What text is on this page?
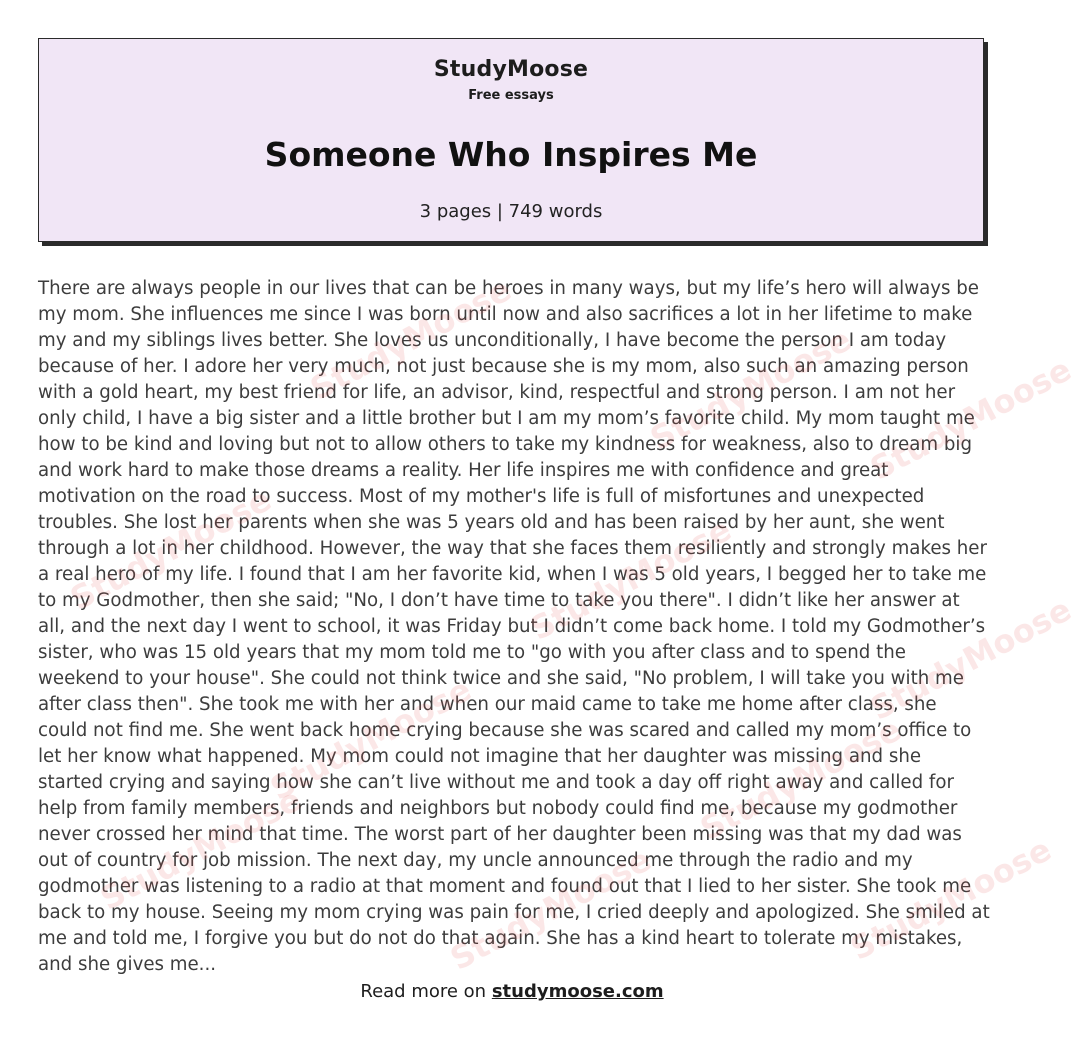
StudyMoose
Free essays
Someone Who Inspires Me
3 pages | 749 words

There are always people in our lives that can be heroes in many ways, but my life’s hero will always be my mom. She influences me since I was born until now and also sacrifices a lot in her lifetime to make my and my siblings lives better. She loves us unconditionally, I have become the person I am today because of her. I adore her very much, not just because she is my mom, also such an amazing person with a gold heart, my best friend for life, an advisor, kind, respectful and strong person. I am not her only child, I have a big sister and a little brother but I am my mom’s favorite child. My mom taught me how to be kind and loving but not to allow others to take my kindness for weakness, also to dream big and work hard to make those dreams a reality. Her life inspires me with confidence and great motivation on the road to success. Most of my mother's life is full of misfortunes and unexpected troubles. She lost her parents when she was 5 years old and has been raised by her aunt, she went through a lot in her childhood. However, the way that she faces them resiliently and strongly makes her a real hero of my life. I found that I am her favorite kid, when I was 5 old years, I begged her to take me to my Godmother, then she said; "No, I don’t have time to take you there". I didn’t like her answer at all, and the next day I went to school, it was Friday but I didn’t come back home. I told my Godmother’s sister, who was 15 old years that my mom told me to "go with you after class and to spend the weekend to your house". She could not think twice and she said, "No problem, I will take you with me after class then". She took me with her and when our maid came to take me home after class, she could not find me. She went back home crying because she was scared and called my mom’s office to let her know what happened. My mom could not imagine that her daughter was missing and she started crying and saying how she can’t live without me and took a day off right away and called for help from family members, friends and neighbors but nobody could find me, because my godmother never crossed her mind that time. The worst part of her daughter been missing was that my dad was out of country for job mission. The next day, my uncle announced me through the radio and my godmother was listening to a radio at that moment and found out that I lied to her sister. She took me back to my house. Seeing my mom crying was pain for me, I cried deeply and apologized. She smiled at me and told me, I forgive you but do not do that again. She has a kind heart to tolerate my mistakes, and she gives me...

StudyMoose	StudyMoose StudyMoose
StudyMoose	StudyMoose
StudyMoose
StudyMoose	StudyMoose
StudyMoose	StudyMoose	StudyMoose
Read more on studymoose.com
